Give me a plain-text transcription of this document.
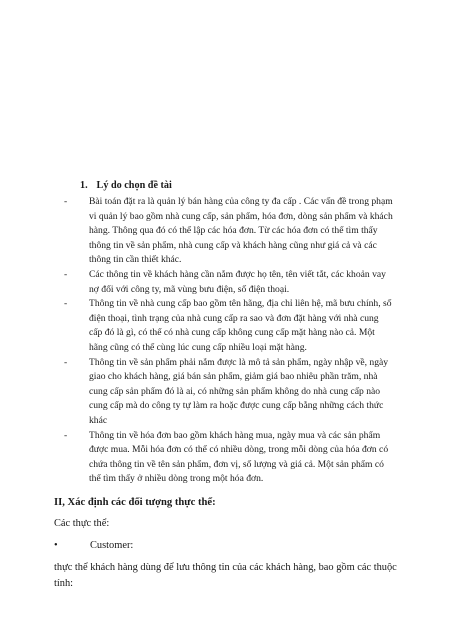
1. Lý do chọn đề tài
-	Bài toán đặt ra là quản lý bán hàng của công ty đa cấp . Các vấn đề trong phạm vi quản lý bao gồm nhà cung cấp, sản phẩm, hóa đơn, dòng sản phẩm và khách hàng. Thông qua đó có thể lập các hóa đơn. Từ các hóa đơn có thể tìm thấy thông tin về sản phẩm, nhà cung cấp và khách hàng cũng như giá cả và các thông tin cần thiết khác.
-	Các thông tin về khách hàng cần nắm được họ tên, tên viết tắt, các khoản vay nợ đối với công ty, mã vùng bưu điện, số điện thoại.
-	Thông tin về nhà cung cấp bao gồm tên hãng, địa chỉ liên hệ, mã bưu chính, số điện thoại, tình trạng của nhà cung cấp ra sao và đơn đặt hàng với nhà cung cấp đó là gì, có thể có nhà cung cấp không cung cấp mặt hàng nào cả. Một hãng cũng có thể cùng lúc cung cấp nhiều loại mặt hàng.
-	Thông tin về sản phẩm phải nắm được là mô tả sản phẩm, ngày nhập về, ngày giao cho khách hàng, giá bán sản phẩm, giảm giá bao nhiêu phần trăm, nhà cung cấp sản phẩm đó là ai, có những sản phẩm không do nhà cung cấp nào cung cấp mà do công ty tự làm ra hoặc được cung cấp bằng những cách thức khác
-	Thông tin về hóa đơn bao gồm khách hàng mua, ngày mua và các sản phẩm được mua. Mỗi hóa đơn có thể có nhiều dòng, trong mỗi dòng của hóa đơn có chứa thông tin về tên sản phẩm, đơn vị, số lượng và giá cả. Một sản phẩm có thể tìm thấy ở nhiều dòng trong một hóa đơn.
II, Xác định các đối tượng thực thể:
Các thực thể:
•	Customer:
thực thể khách hàng dùng để lưu thông tin của các khách hàng, bao gồm các thuộc tính:
